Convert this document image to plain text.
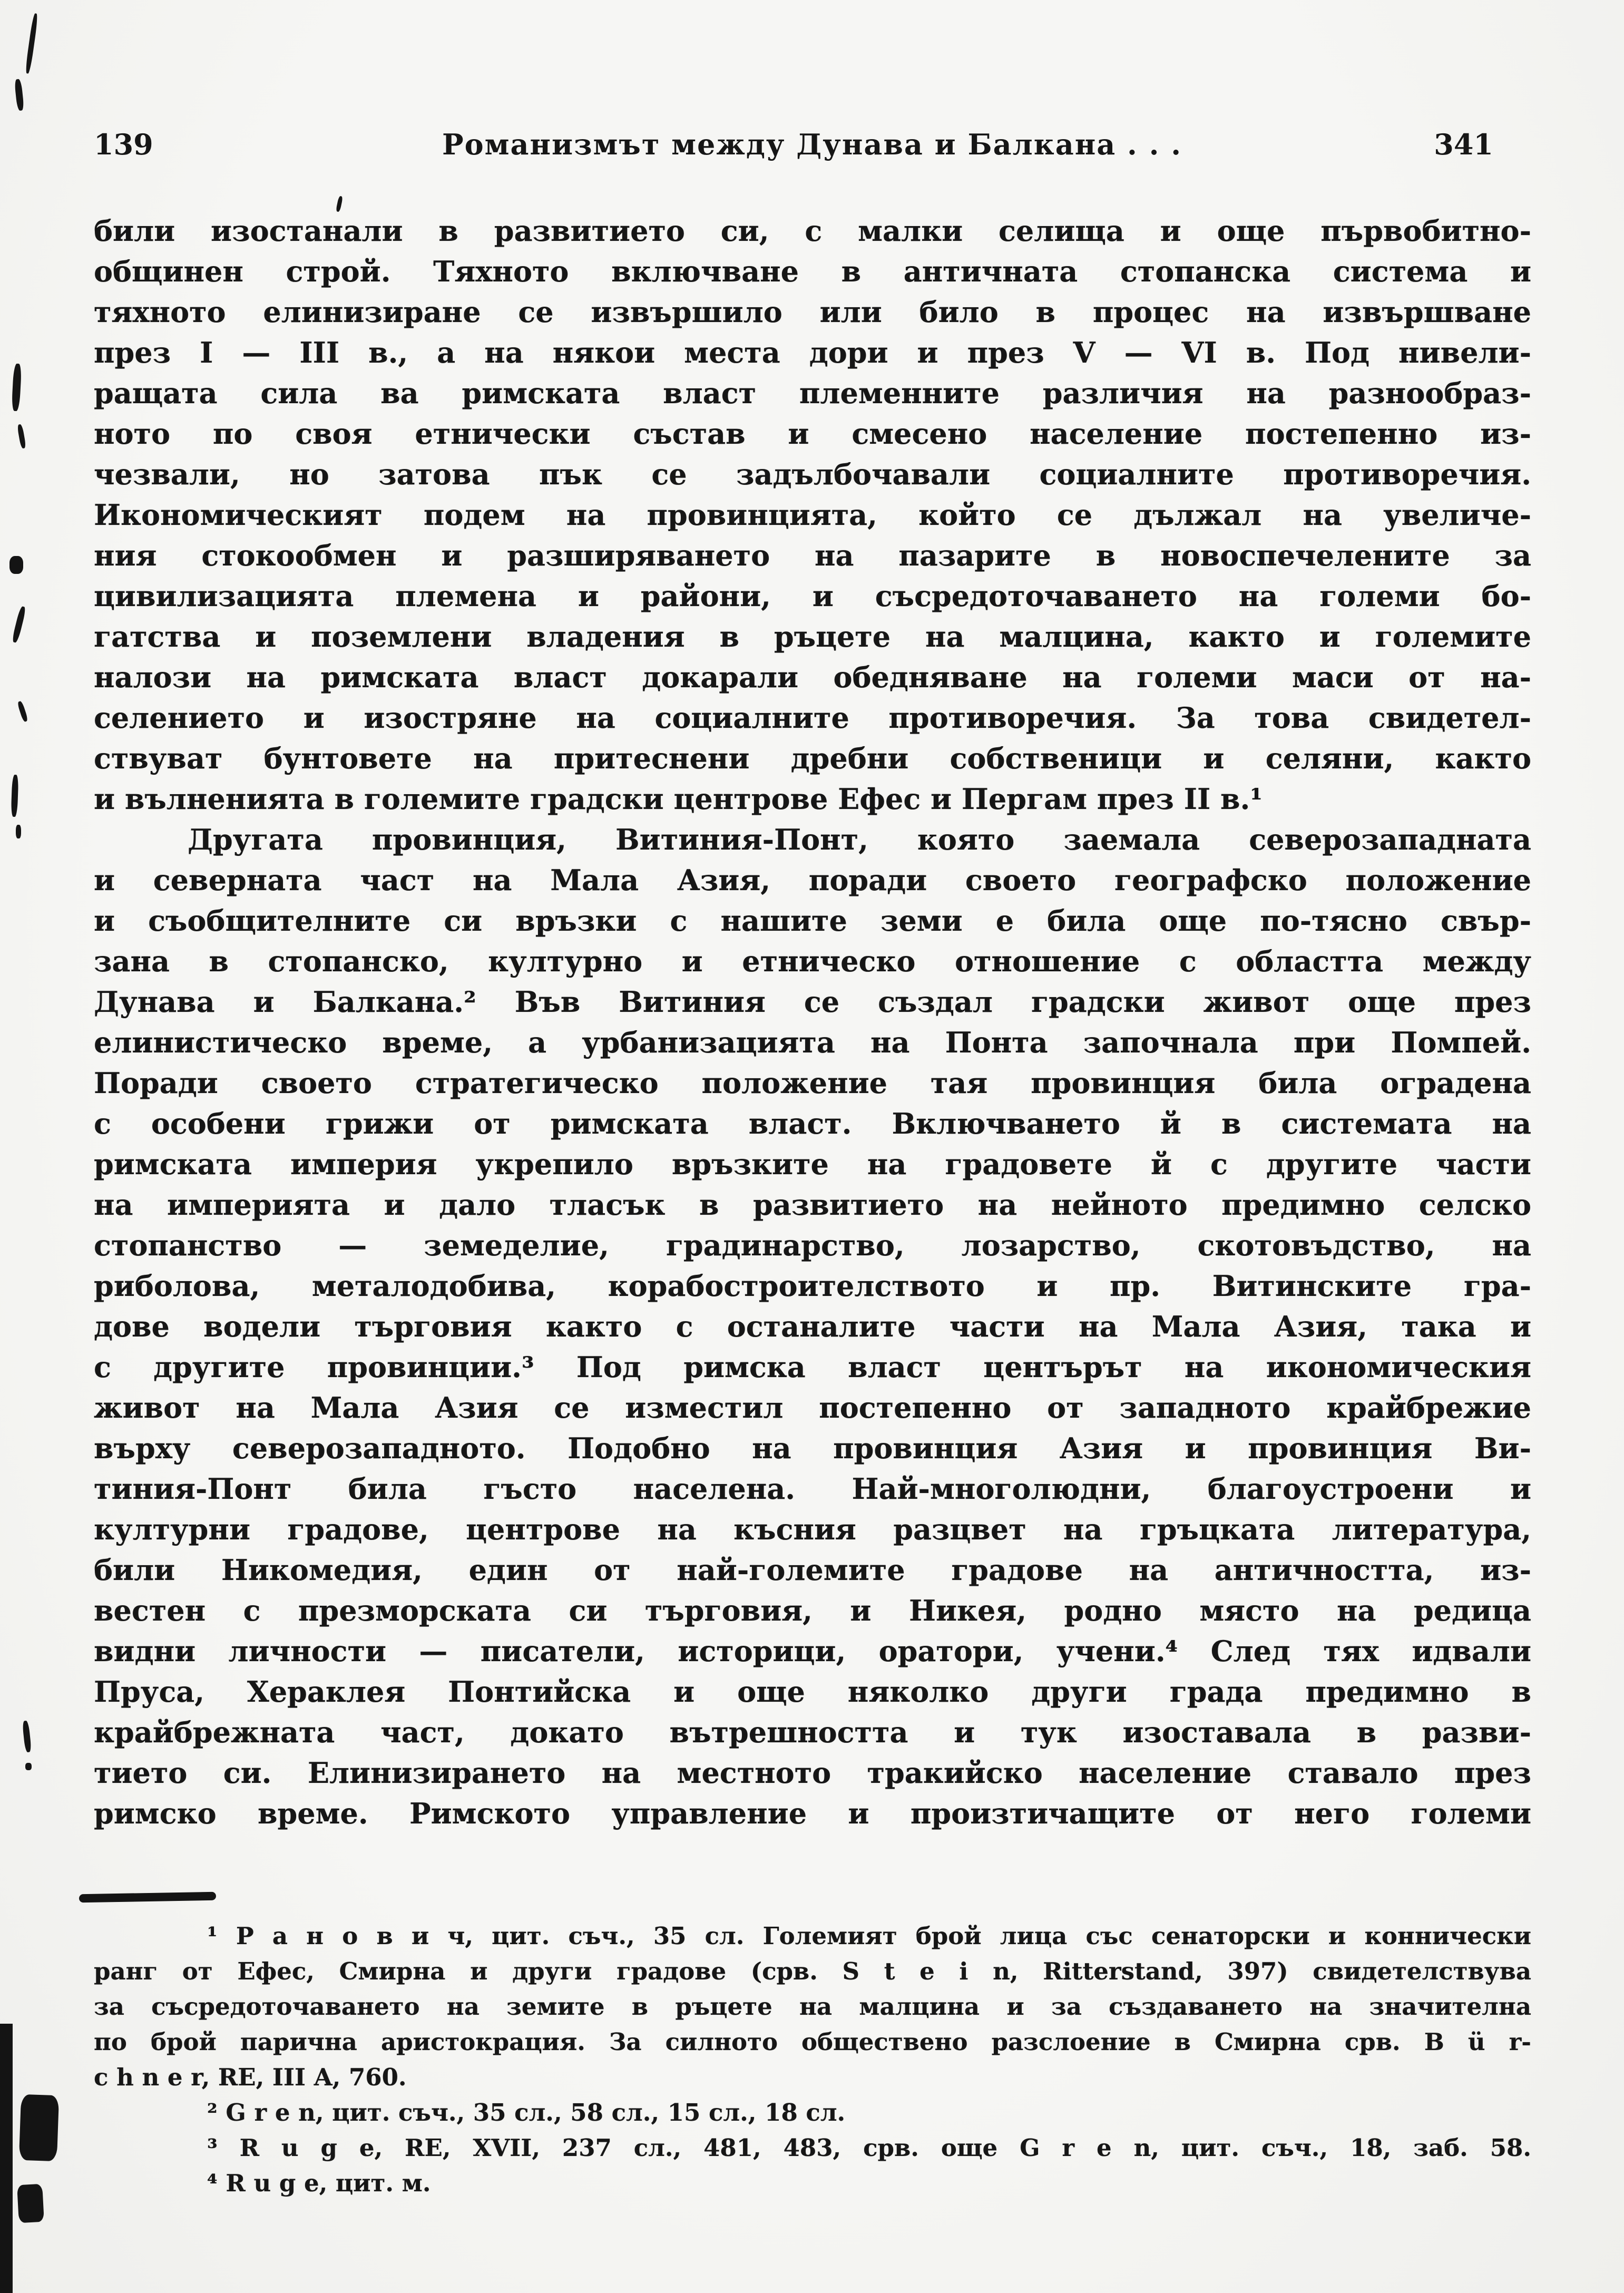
139	Романизмът между Дунава и Балкана . . .	341
били изостанали в развитието си, с малки селища и още първобитно-
общинен строй. Тяхното включване в античната стопанска система и
тяхното елинизиране се извършило или било в процес на извършване
през I — III в., а на някои места дори и през V — VI в. Под нивели-
ращата сила ва римската власт племенните различия на разнообраз-
ното по своя етнически състав и смесено население постепенно из-
чезвали, но затова пък се задълбочавали социалните противоречия.
Икономическият подем на провинцията, който се дължал на увеличе-
ния стокообмен и разширяването на пазарите в новоспечелените за
цивилизацията племена и райони, и съсредоточаването на големи бо-
гатства и поземлени владения в ръцете на малцина, както и големите
налози на римската власт докарали обедняване на големи маси от на-
селението и изостряне на социалните противоречия. За това свидетел-
ствуват бунтовете на притеснени дребни собственици и селяни, както
и вълненията в големите градски центрове Ефес и Пергам през II в.¹
Другата провинция, Витиния-Понт, която заемала северозападната
и северната част на Мала Азия, поради своето географско положение
и съобщителните си връзки с нашите земи е била още по-тясно свър-
зана в стопанско, културно и етническо отношение с областта между
Дунава и Балкана.² Във Витиния се създал градски живот още през
елинистическо време, а урбанизацията на Понта започнала при Помпей.
Поради своето стратегическо положение тая провинция била оградена
с особени грижи от римската власт. Включването й в системата на
римската империя укрепило връзките на градовете й с другите части
на империята и дало тласък в развитието на нейното предимно селско
стопанство — земеделие, градинарство, лозарство, скотовъдство, на
риболова, металодобива, корабостроителството и пр. Витинските гра-
дове водели търговия както с останалите части на Мала Азия, така и
с другите провинции.³ Под римска власт центърът на икономическия
живот на Мала Азия се изместил постепенно от западното крайбрежие
върху северозападното. Подобно на провинция Азия и провинция Ви-
тиния-Понт била гъсто населена. Най-многолюдни, благоустроени и
културни градове, центрове на късния разцвет на гръцката литература,
били Никомедия, един от най-големите градове на античността, из-
вестен с презморската си търговия, и Никея, родно място на редица
видни личности — писатели, историци, оратори, учени.⁴ След тях идвали
Пруса, Хераклея Понтийска и още няколко други града предимно в
крайбрежната част, докато вътрешността и тук изоставала в разви-
тието си. Елинизирането на местното тракийско население ставало през
римско време. Римското управление и произтичащите от него големи
¹ Р а н о в и ч, цит. съч., 35 сл. Големият брой лица със сенаторски и коннически
ранг от Ефес, Смирна и други градове (срв. S t e i n, Ritterstand, 397) свидетелствува
за съсредоточаването на земите в ръцете на малцина и за създаването на значителна
по брой парична аристокрация. За силното обществено разслоение в Смирна срв. B ü r-
c h n e r, RE, III A, 760.
² G r e n, цит. съч., 35 сл., 58 сл., 15 сл., 18 сл.
³ R u g e, RE, XVII, 237 сл., 481, 483, срв. още G r e n, цит. съч., 18, заб. 58.
⁴ R u g e, цит. м.
